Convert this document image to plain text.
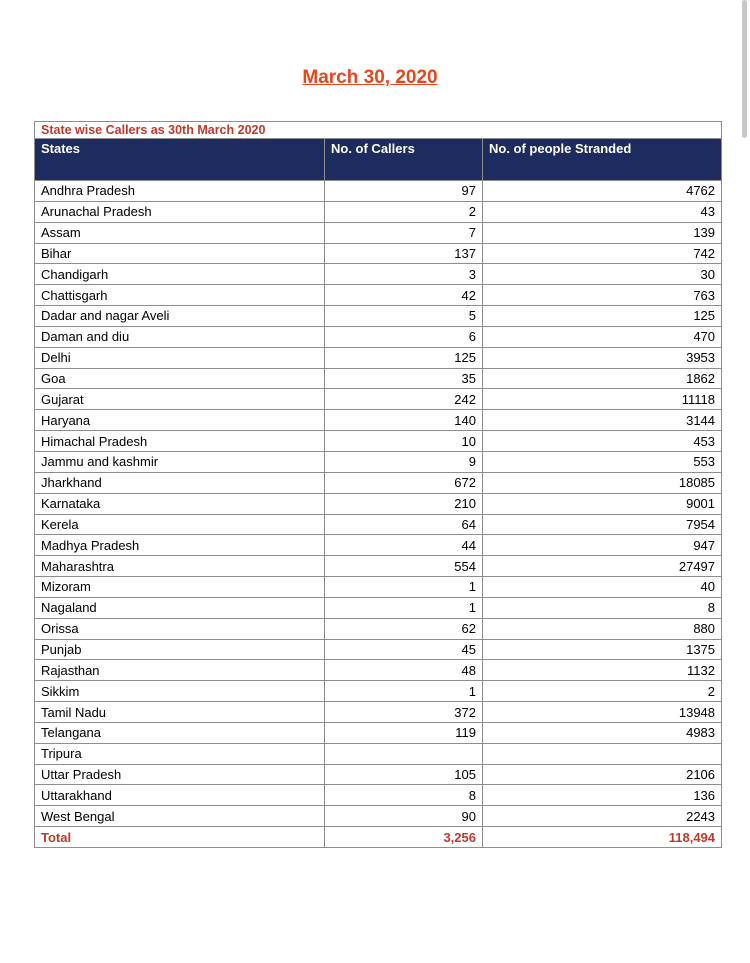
March 30, 2020
State wise Callers as 30th March 2020		
States	No. of Callers	No. of people Stranded
Andhra Pradesh	97	4762
Arunachal Pradesh	2	43
Assam	7	139
Bihar	137	742
Chandigarh	3	30
Chattisgarh	42	763
Dadar and nagar Aveli	5	125
Daman and diu	6	470
Delhi	125	3953
Goa	35	1862
Gujarat	242	11118
Haryana	140	3144
Himachal Pradesh	10	453
Jammu and kashmir	9	553
Jharkhand	672	18085
Karnataka	210	9001
Kerela	64	7954
Madhya Pradesh	44	947
Maharashtra	554	27497
Mizoram	1	40
Nagaland	1	8
Orissa	62	880
Punjab	45	1375
Rajasthan	48	1132
Sikkim	1	2
Tamil Nadu	372	13948
Telangana	119	4983
Tripura		
Uttar Pradesh	105	2106
Uttarakhand	8	136
West Bengal	90	2243
Total	3,256	118,494
